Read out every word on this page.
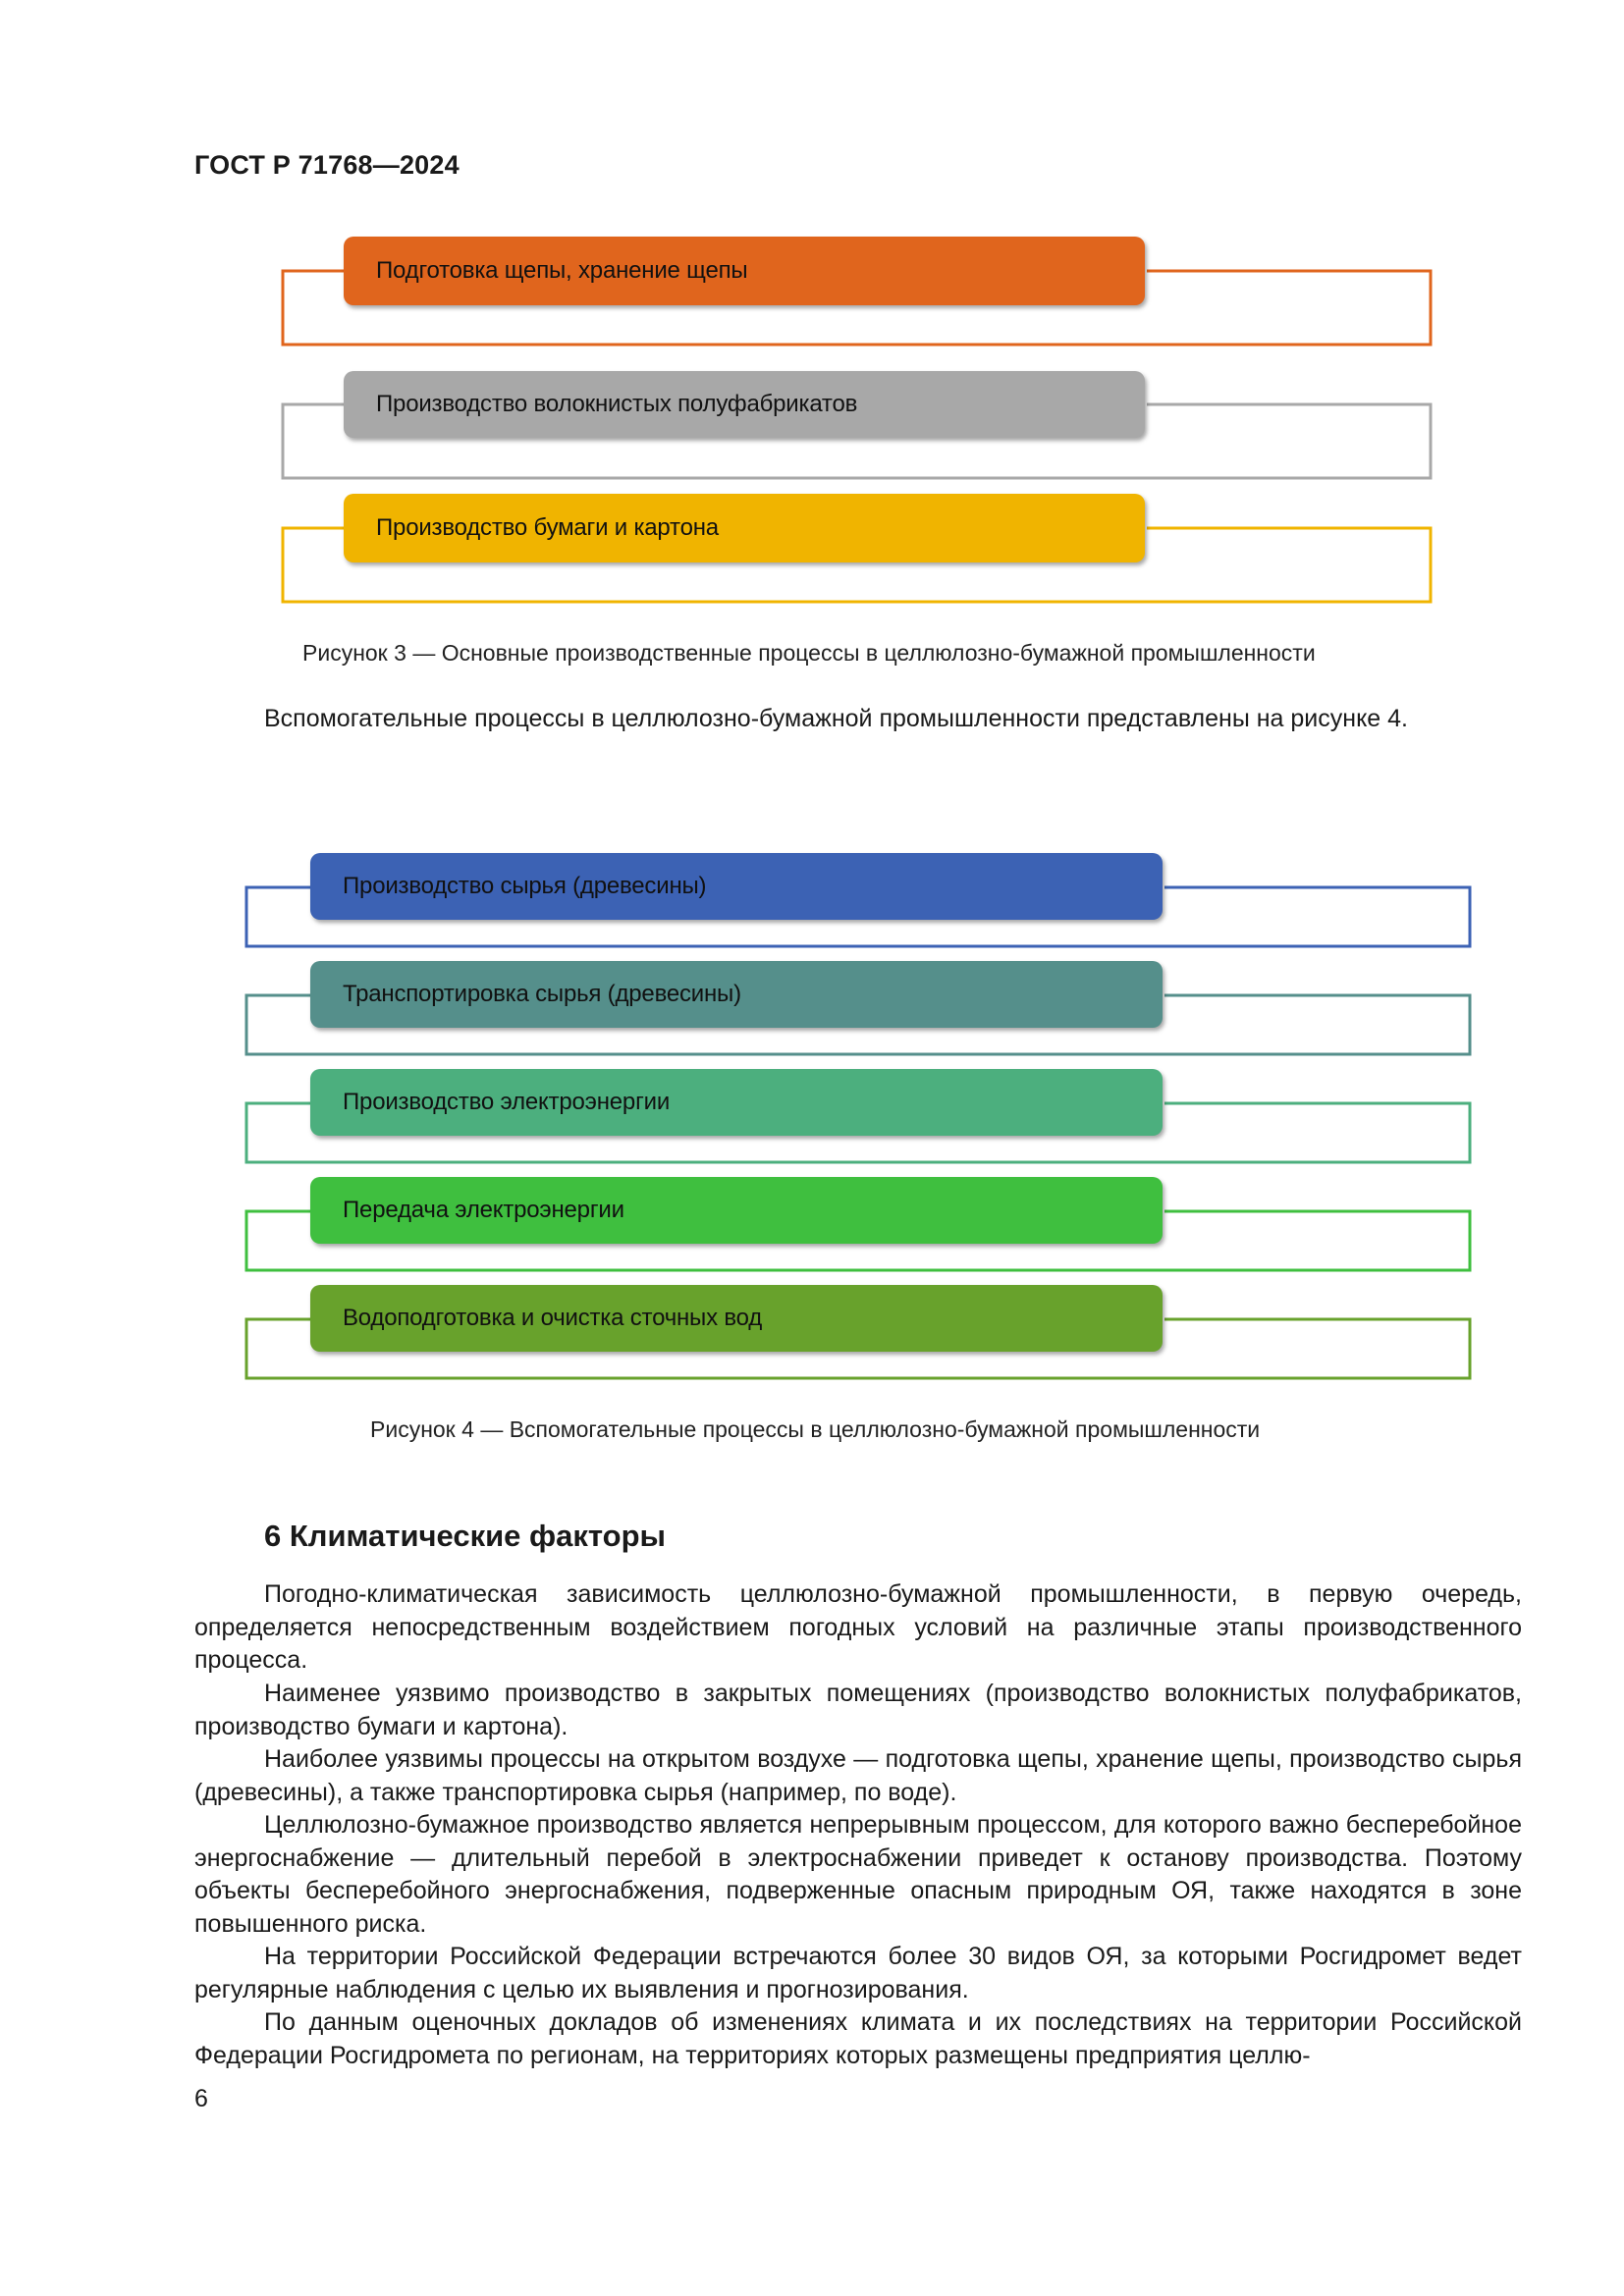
ГОСТ Р 71768—2024
Подготовка щепы, хранение щепы
Производство волокнистых полуфабрикатов
Производство бумаги и картона
Рисунок 3 — Основные производственные процессы в целлюлозно-бумажной промышленности
Вспомогательные процессы в целлюлозно-бумажной промышленности представлены на рисунке 4.
Производство сырья (древесины)
Транспортировка сырья (древесины)
Производство электроэнергии
Передача электроэнергии
Водоподготовка и очистка сточных вод
Рисунок 4 — Вспомогательные процессы в целлюлозно-бумажной промышленности
6 Климатические факторы
Погодно-климатическая зависимость целлюлозно-бумажной промышленности, в первую очередь, определяется непосредственным воздействием погодных условий на различные этапы производственного процесса.
Наименее уязвимо производство в закрытых помещениях (производство волокнистых полуфабрикатов, производство бумаги и картона).
Наиболее уязвимы процессы на открытом воздухе — подготовка щепы, хранение щепы, производство сырья (древесины), а также транспортировка сырья (например, по воде).
Целлюлозно-бумажное производство является непрерывным процессом, для которого важно бесперебойное энергоснабжение — длительный перебой в электроснабжении приведет к останову производства. Поэтому объекты бесперебойного энергоснабжения, подверженные опасным природным ОЯ, также находятся в зоне повышенного риска.
На территории Российской Федерации встречаются более 30 видов ОЯ, за которыми Росгидромет ведет регулярные наблюдения с целью их выявления и прогнозирования.
По данным оценочных докладов об изменениях климата и их последствиях на территории Российской Федерации Росгидромета по регионам, на территориях которых размещены предприятия целлю-
6
